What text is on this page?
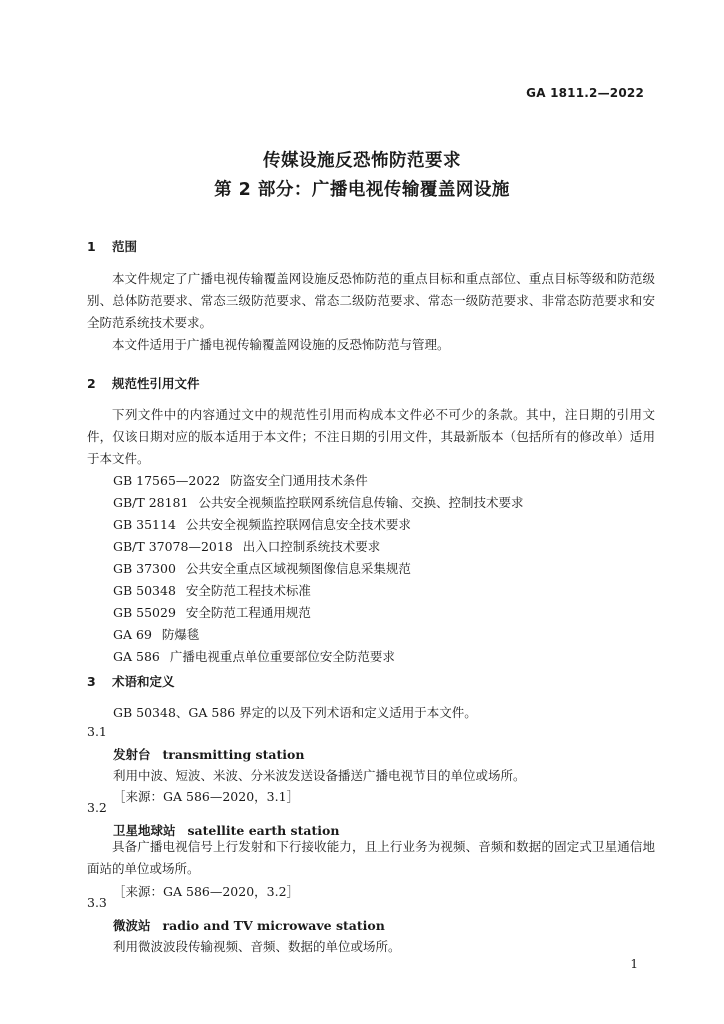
GA 1811.2—2022
传媒设施反恐怖防范要求
第 2 部分：广播电视传输覆盖网设施
1 范围

本文件规定了广播电视传输覆盖网设施反恐怖防范的重点目标和重点部位、重点目标等级和防范级别、总体防范要求、常态三级防范要求、常态二级防范要求、常态一级防范要求、非常态防范要求和安全防范系统技术要求。

本文件适用于广播电视传输覆盖网设施的反恐怖防范与管理。

2 规范性引用文件

下列文件中的内容通过文中的规范性引用而构成本文件必不可少的条款。其中，注日期的引用文件，仅该日期对应的版本适用于本文件；不注日期的引用文件，其最新版本（包括所有的修改单）适用于本文件。

GB 17565—2022 防盗安全门通用技术条件
GB/T 28181 公共安全视频监控联网系统信息传输、交换、控制技术要求
GB 35114 公共安全视频监控联网信息安全技术要求
GB/T 37078—2018 出入口控制系统技术要求
GB 37300 公共安全重点区域视频图像信息采集规范
GB 50348 安全防范工程技术标准
GB 55029 安全防范工程通用规范
GA 69 防爆毯
GA 586 广播电视重点单位重要部位安全防范要求
3 术语和定义
GB 50348、GA 586 界定的以及下列术语和定义适用于本文件。
3.1
发射台 transmitting station
利用中波、短波、米波、分米波发送设备播送广播电视节目的单位或场所。
［来源：GA 586—2020，3.1］
3.2
卫星地球站 satellite earth station

具备广播电视信号上行发射和下行接收能力，且上行业务为视频、音频和数据的固定式卫星通信地面站的单位或场所。

［来源：GA 586—2020，3.2］
3.3
微波站 radio and TV microwave station
利用微波波段传输视频、音频、数据的单位或场所。
1
